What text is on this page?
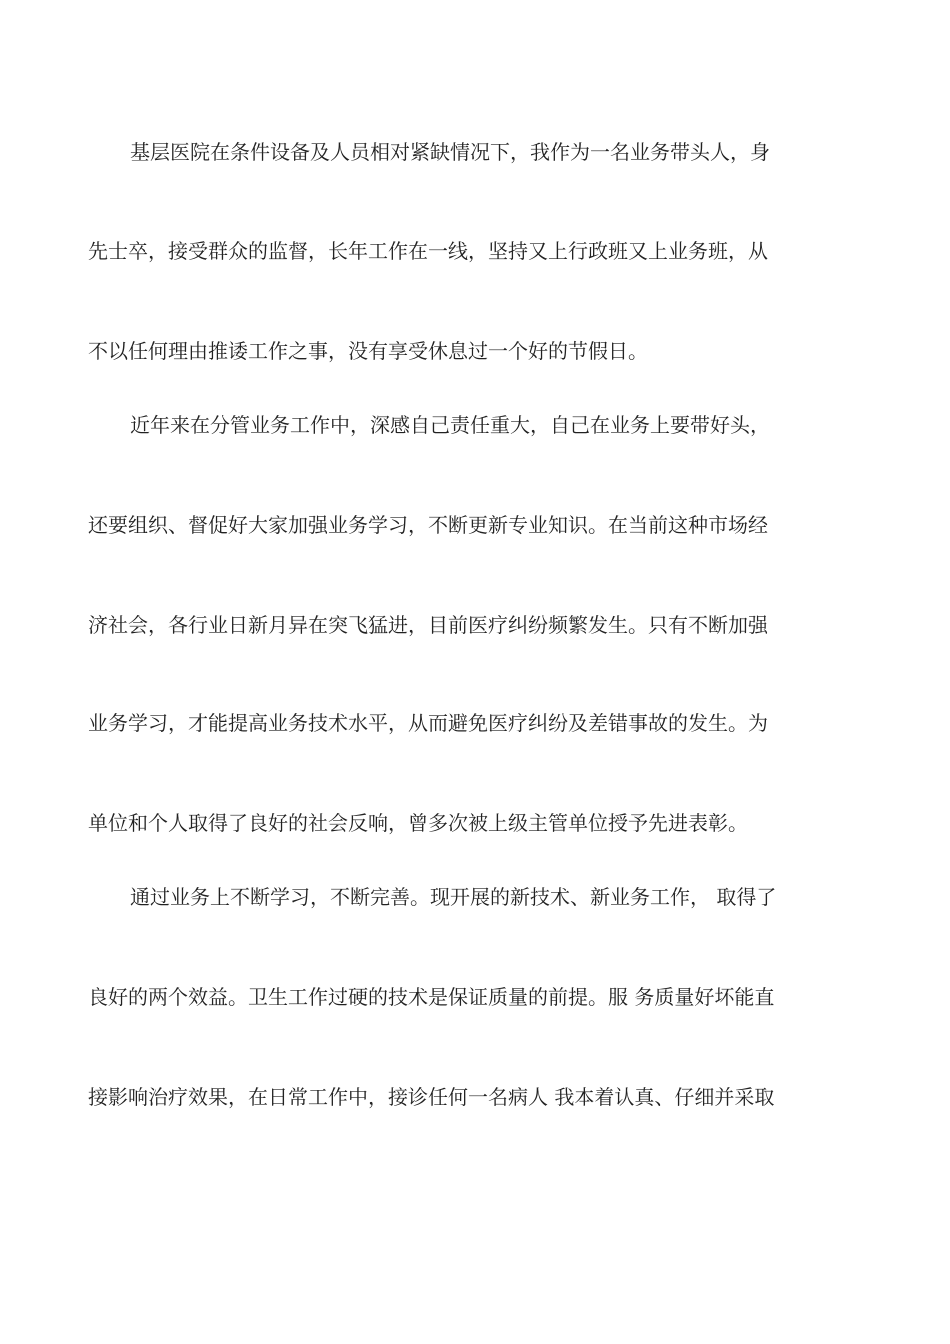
基层医院在条件设备及人员相对紧缺情况下，我作为一名业务带头人，身
先士卒，接受群众的监督，长年工作在一线，坚持又上行政班又上业务班，从
不以任何理由推诿工作之事，没有享受休息过一个好的节假日。
近年来在分管业务工作中，深感自己责任重大，自己在业务上要带好头，
还要组织、督促好大家加强业务学习，不断更新专业知识。在当前这种市场经
济社会，各行业日新月异在突飞猛进，目前医疗纠纷频繁发生。只有不断加强
业务学习，才能提高业务技术水平，从而避免医疗纠纷及差错事故的发生。为
单位和个人取得了良好的社会反响，曾多次被上级主管单位授予先进表彰。
通过业务上不断学习，不断完善。现开展的新技术、新业务工作， 取得了
良好的两个效益。卫生工作过硬的技术是保证质量的前提。服 务质量好坏能直
接影响治疗效果，在日常工作中，接诊任何一名病人 我本着认真、仔细并采取
